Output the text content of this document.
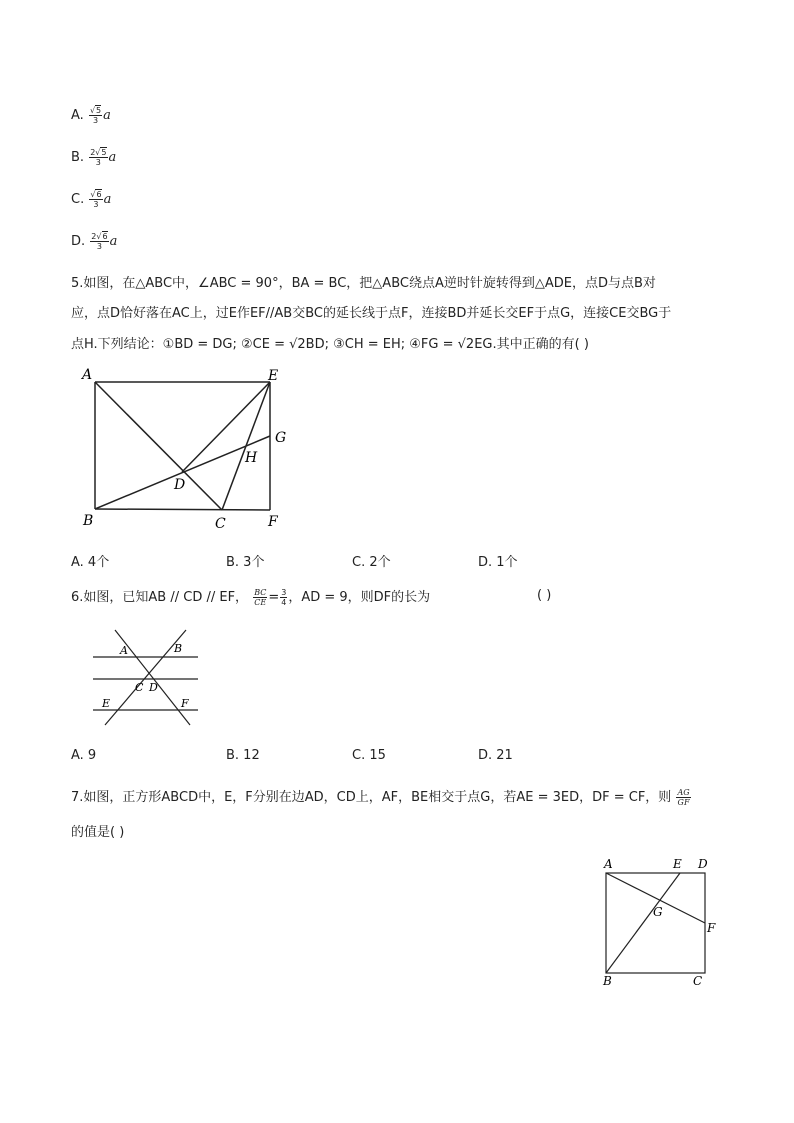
A. $\frac{√5}{3}$ a
B. $\frac{2√5}{3}$ a
C. $\frac{√6}{3}$ a
D. $\frac{2√6}{3}$ a
5.如图，在△ABC中，∠ABC = 90°，BA = BC，把△ABC绕点A逆时针旋转得到△ADE，点D与点B对
应，点D恰好落在AC上，过E作EF//AB交BC的延长线于点F，连接BD并延长交EF于点G，连接CE交BG于
点H.下列结论：①BD = DG; ②CE = √2BD; ③CH = EH; ④FG = √2EG.其中正确的有( )
A	E
G
H
D
B	C	F
A. 4个	B. 3个	C. 2个	D. 1个
6.如图，已知AB // CD // EF， $\frac{BC}{CE} = \frac{3}{4}$ ，AD = 9，则DF的长为	( )
A	B
C D
E	F
A. 9	B. 12	C. 15	D. 21
7.如图，正方形ABCD中，E，F分别在边AD，CD上，AF，BE相交于点G，若AE = 3ED，DF = CF，则 $\frac{AG}{GF}$
的值是( )
A	E D
G
F
B	C
